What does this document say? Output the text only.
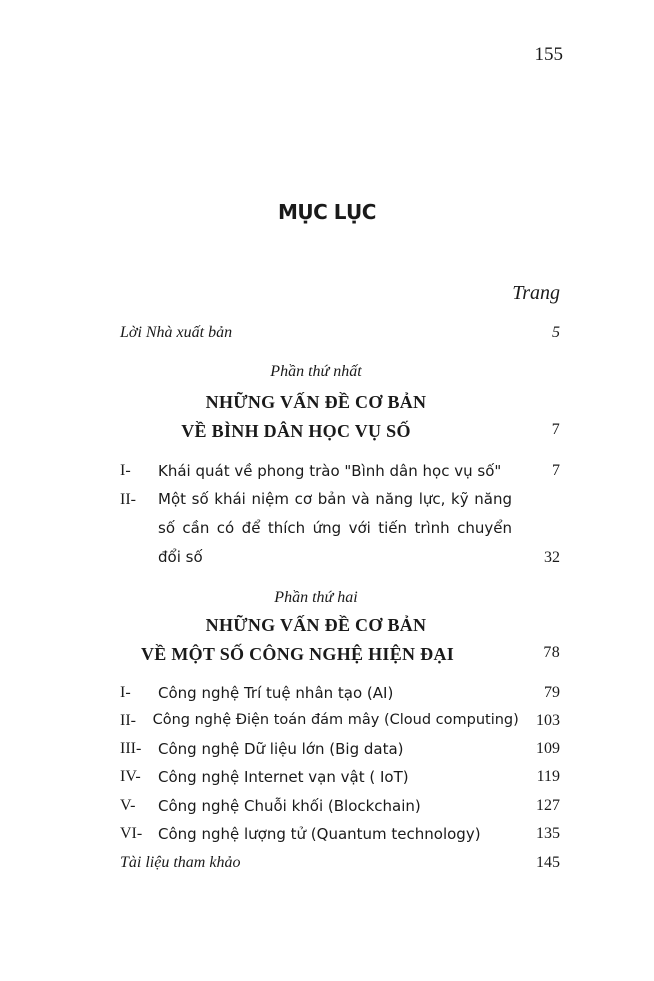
155
MỤC LỤC
Trang
Lời Nhà xuất bản	5
Phần thứ nhất
NHỮNG VẤN ĐỀ CƠ BẢN
VỀ BÌNH DÂN HỌC VỤ SỐ	7
I-	Khái quát về phong trào "Bình dân học vụ số"	7
II-	Một số khái niệm cơ bản và năng lực, kỹ năng số cần có để thích ứng với tiến trình chuyển đổi số	32
Phần thứ hai
NHỮNG VẤN ĐỀ CƠ BẢN
VỀ MỘT SỐ CÔNG NGHỆ HIỆN ĐẠI	78
I-	Công nghệ Trí tuệ nhân tạo (AI)	79
II-	Công nghệ Điện toán đám mây (Cloud computing)	103
III-	Công nghệ Dữ liệu lớn (Big data)	109
IV-	Công nghệ Internet vạn vật ( IoT)	119
V-	Công nghệ Chuỗi khối (Blockchain)	127
VI-	Công nghệ lượng tử (Quantum technology)	135
Tài liệu tham khảo	145
